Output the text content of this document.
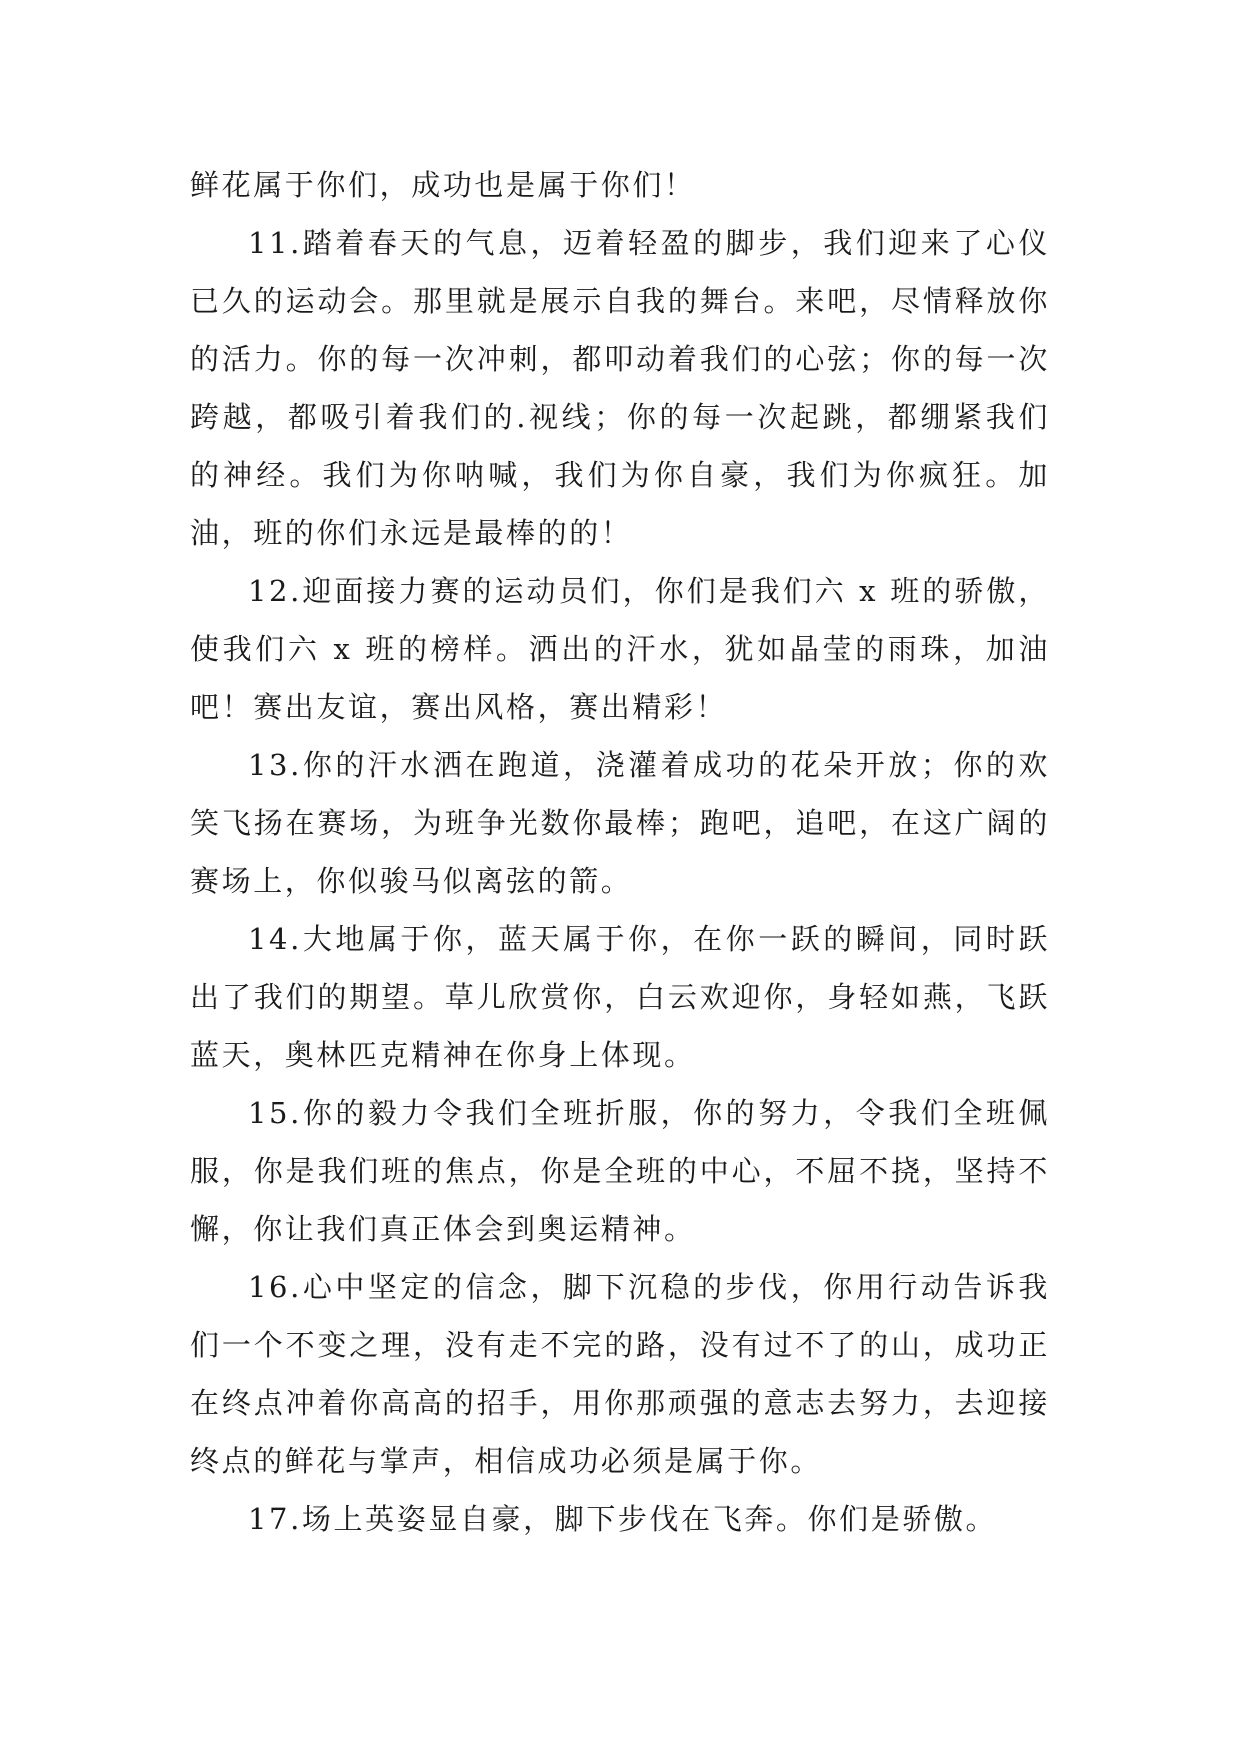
鲜花属于你们，成功也是属于你们！

11.踏着春天的气息，迈着轻盈的脚步，我们迎来了心仪已久的运动会。那里就是展示自我的舞台。来吧，尽情释放你的活力。你的每一次冲刺，都叩动着我们的心弦；你的每一次跨越，都吸引着我们的.视线；你的每一次起跳，都绷紧我们的神经。我们为你呐喊，我们为你自豪，我们为你疯狂。加油，班的你们永远是最棒的的！

12.迎面接力赛的运动员们，你们是我们六 x 班的骄傲，使我们六 x 班的榜样。洒出的汗水，犹如晶莹的雨珠，加油吧！赛出友谊，赛出风格，赛出精彩！

13.你的汗水洒在跑道，浇灌着成功的花朵开放；你的欢笑飞扬在赛场，为班争光数你最棒；跑吧，追吧，在这广阔的赛场上，你似骏马似离弦的箭。

14.大地属于你，蓝天属于你，在你一跃的瞬间，同时跃出了我们的期望。草儿欣赏你，白云欢迎你，身轻如燕，飞跃蓝天，奥林匹克精神在你身上体现。

15.你的毅力令我们全班折服，你的努力，令我们全班佩服，你是我们班的焦点，你是全班的中心，不屈不挠，坚持不懈，你让我们真正体会到奥运精神。

16.心中坚定的信念，脚下沉稳的步伐，你用行动告诉我们一个不变之理，没有走不完的路，没有过不了的山，成功正在终点冲着你高高的招手，用你那顽强的意志去努力，去迎接终点的鲜花与掌声，相信成功必须是属于你。

17.场上英姿显自豪，脚下步伐在飞奔。你们是骄傲。
